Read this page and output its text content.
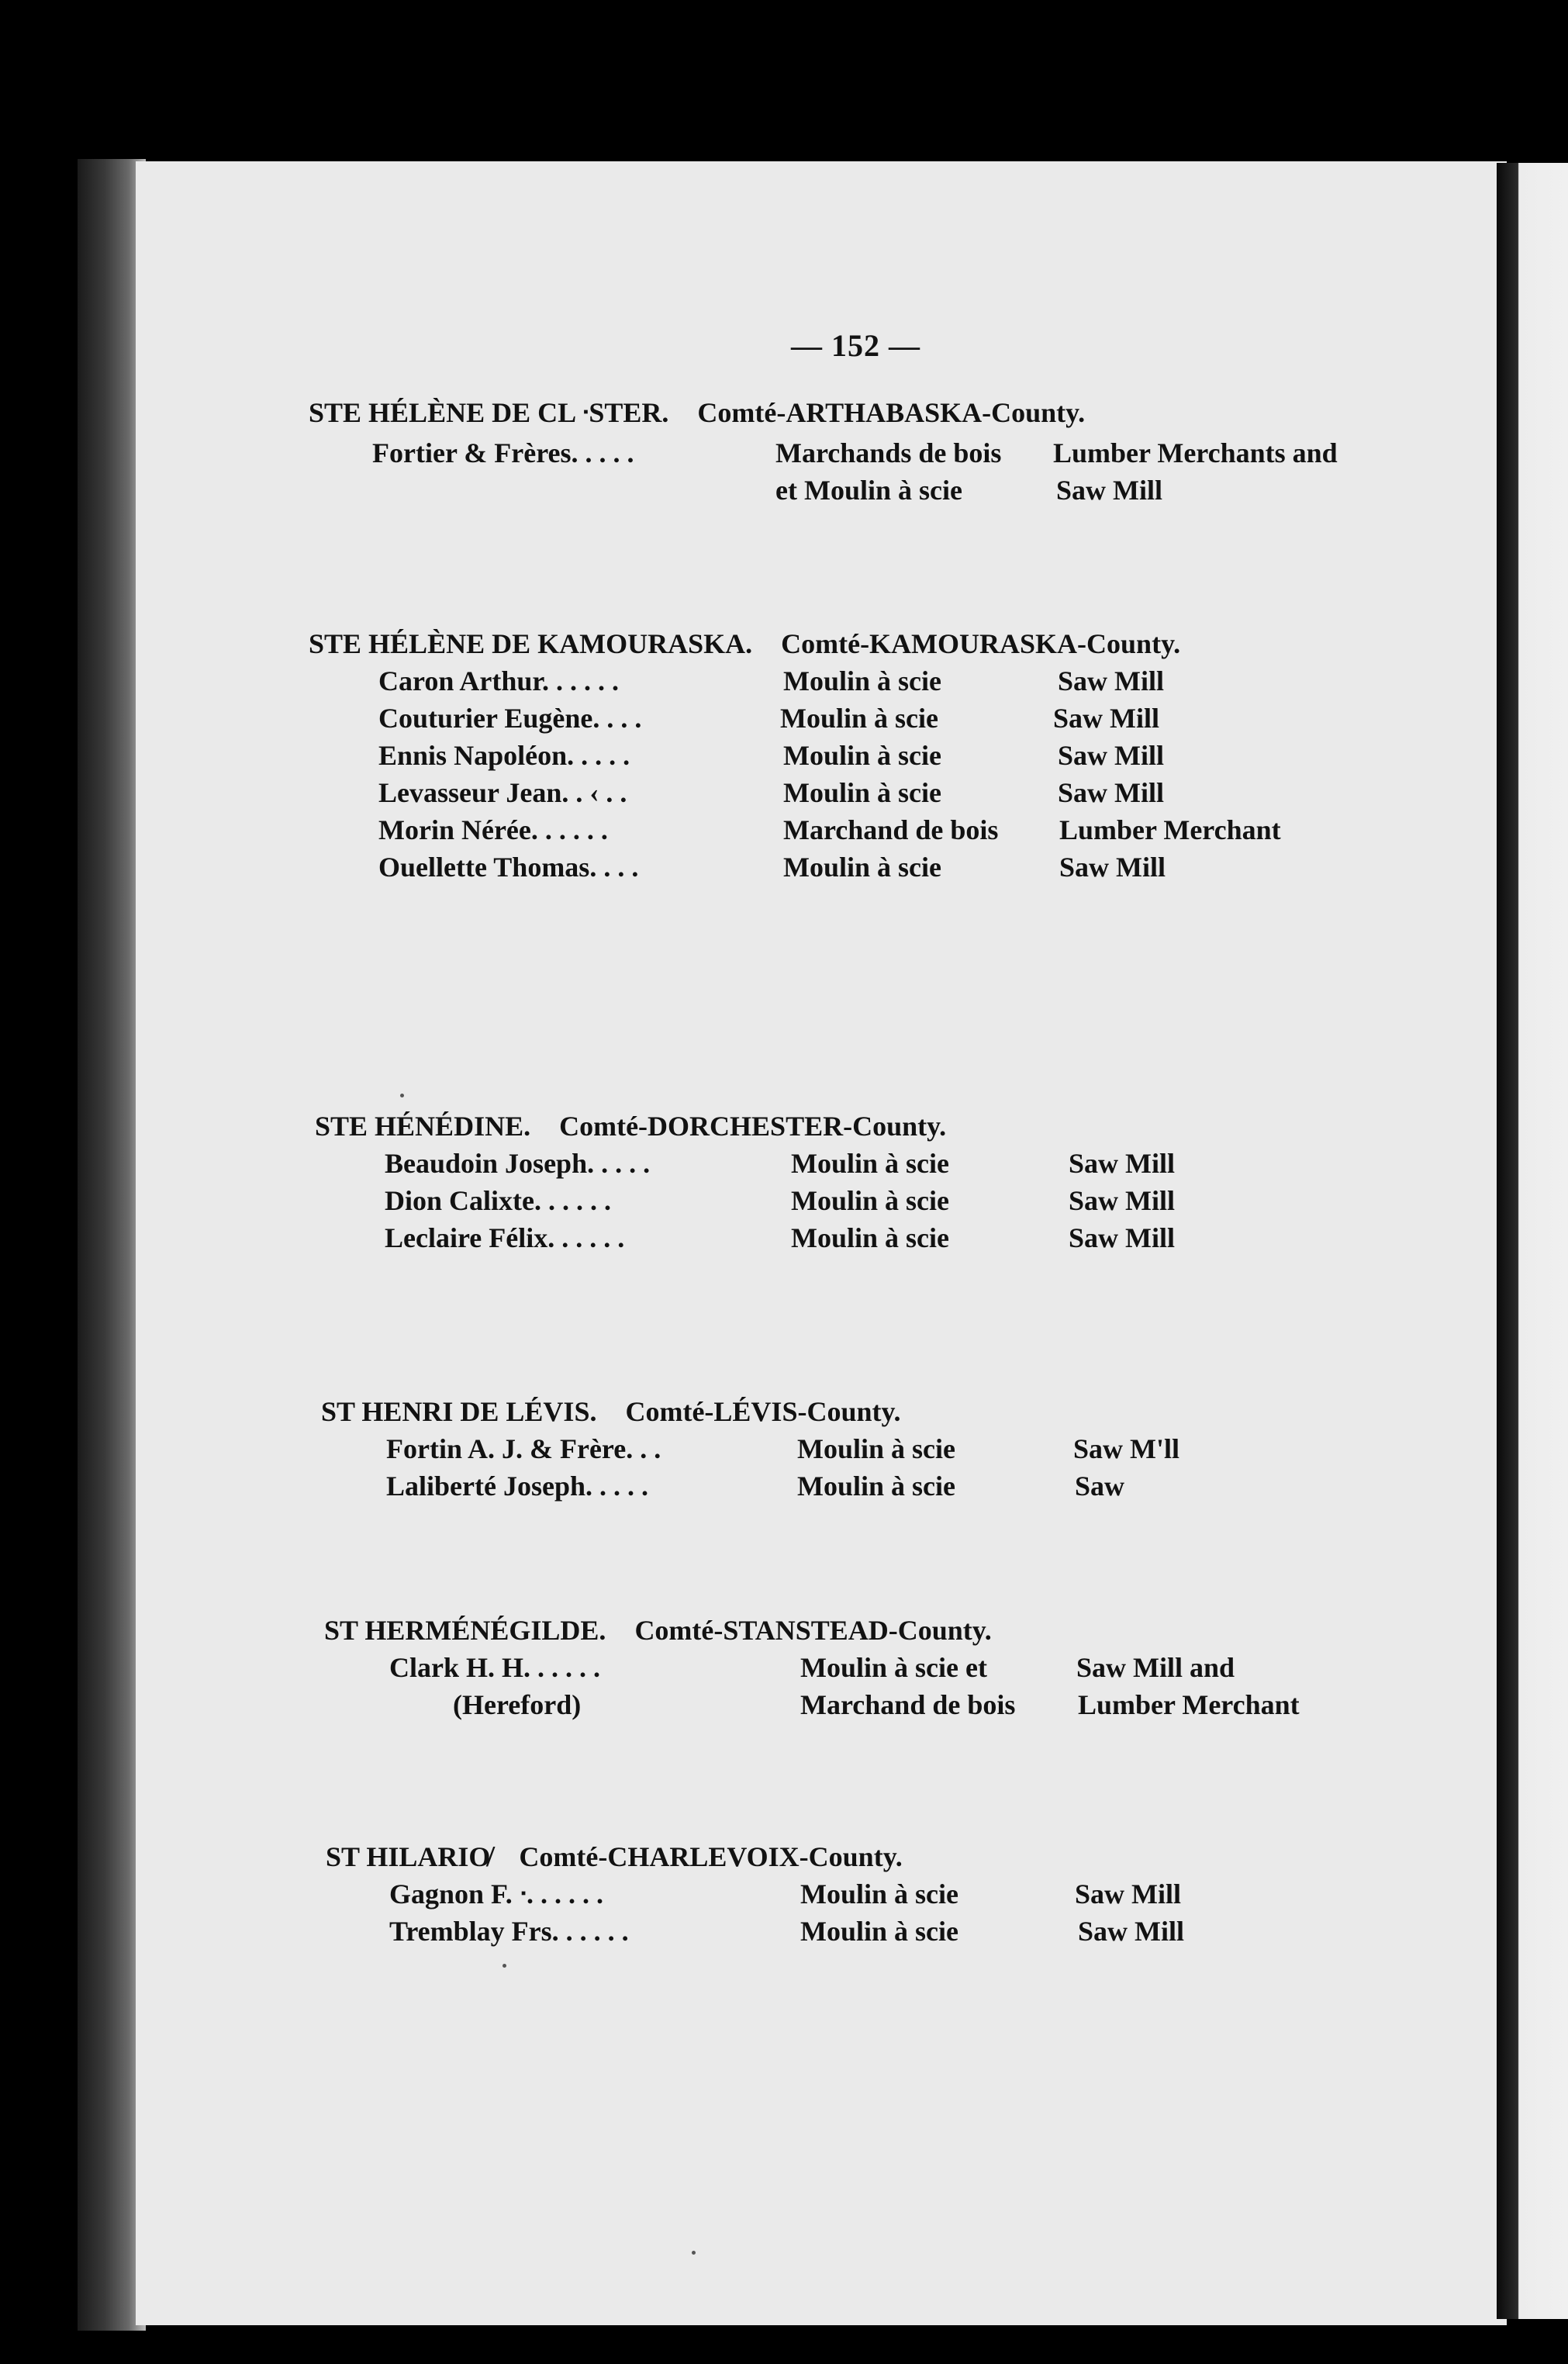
— 152 —
STE HÉLÈNE DE CL ᐧSTER. Comté-ARTHABASKA-County.
Fortier & Frères. . . . .	Marchands de bois Lumber Merchants and
et Moulin à scie	Saw Mill
STE HÉLÈNE DE KAMOURASKA. Comté-KAMOURASKA-County.
Caron Arthur. . . . . .	Moulin à scie	Saw Mill
Couturier Eugène. . . .	Moulin à scie	Saw Mill
Ennis Napoléon. . . . .	Moulin à scie	Saw Mill
Levasseur Jean. . ‹ . .	Moulin à scie	Saw Mill
Morin Nérée. . . . . .	Marchand de bois Lumber Merchant
Ouellette Thomas. . . .	Moulin à scie	Saw Mill
STE HÉNÉDINE. Comté-DORCHESTER-County.
Beaudoin Joseph. . . . .	Moulin à scie	Saw Mill
Dion Calixte. . . . . .	Moulin à scie	Saw Mill
Leclaire Félix. . . . . .	Moulin à scie	Saw Mill
ST HENRI DE LÉVIS. Comté-LÉVIS-County.
Fortin A. J. & Frère. . .	Moulin à scie	Saw M'll
Laliberté Joseph. . . . .	Moulin à scie	Saw
ST HERMÉNÉGILDE. Comté-STANSTEAD-County.
Clark H. H. . . . . .	Moulin à scie et	Saw Mill and
(Hereford)	Marchand de bois Lumber Merchant
ST HILARIO̸ Comté-CHARLEVOIX-County.
Gagnon F. ᐧ. . . . . .	Moulin à scie	Saw Mill
Tremblay Frs. . . . . .	Moulin à scie	Saw Mill
